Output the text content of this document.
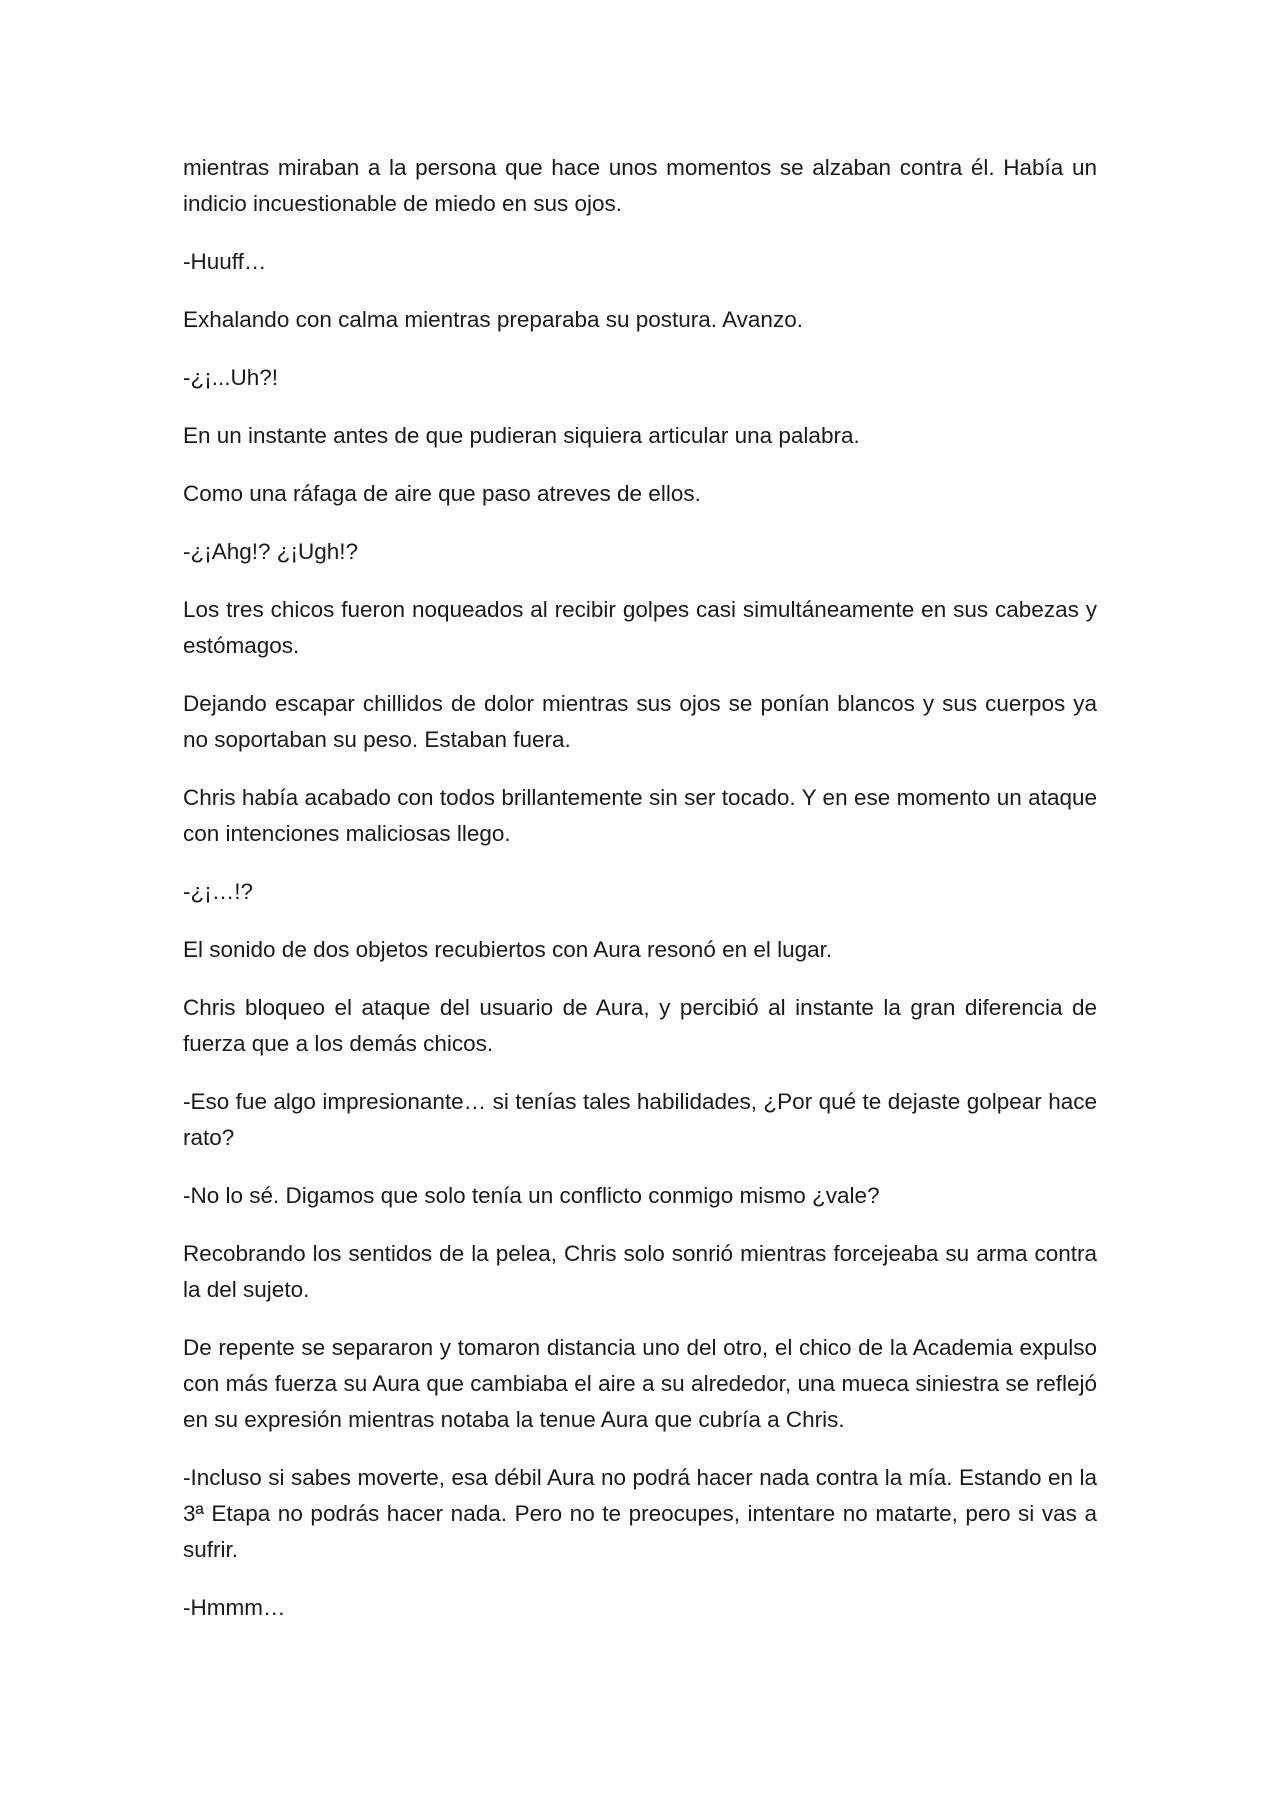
mientras miraban a la persona que hace unos momentos se alzaban contra él. Había un indicio incuestionable de miedo en sus ojos.

-Huuff…

Exhalando con calma mientras preparaba su postura. Avanzo.

-¿¡...Uh?!

En un instante antes de que pudieran siquiera articular una palabra.

Como una ráfaga de aire que paso atreves de ellos.

-¿¡Ahg!? ¿¡Ugh!?

Los tres chicos fueron noqueados al recibir golpes casi simultáneamente en sus cabezas y estómagos.

Dejando escapar chillidos de dolor mientras sus ojos se ponían blancos y sus cuerpos ya no soportaban su peso. Estaban fuera.

Chris había acabado con todos brillantemente sin ser tocado. Y en ese momento un ataque con intenciones maliciosas llego.

-¿¡…!?

El sonido de dos objetos recubiertos con Aura resonó en el lugar.

Chris bloqueo el ataque del usuario de Aura, y percibió al instante la gran diferencia de fuerza que a los demás chicos.

-Eso fue algo impresionante… si tenías tales habilidades, ¿Por qué te dejaste golpear hace rato?

-No lo sé. Digamos que solo tenía un conflicto conmigo mismo ¿vale?

Recobrando los sentidos de la pelea, Chris solo sonrió mientras forcejeaba su arma contra la del sujeto.

De repente se separaron y tomaron distancia uno del otro, el chico de la Academia expulso con más fuerza su Aura que cambiaba el aire a su alrededor, una mueca siniestra se reflejó en su expresión mientras notaba la tenue Aura que cubría a Chris.

-Incluso si sabes moverte, esa débil Aura no podrá hacer nada contra la mía. Estando en la 3ª Etapa no podrás hacer nada. Pero no te preocupes, intentare no matarte, pero si vas a sufrir.

-Hmmm…
